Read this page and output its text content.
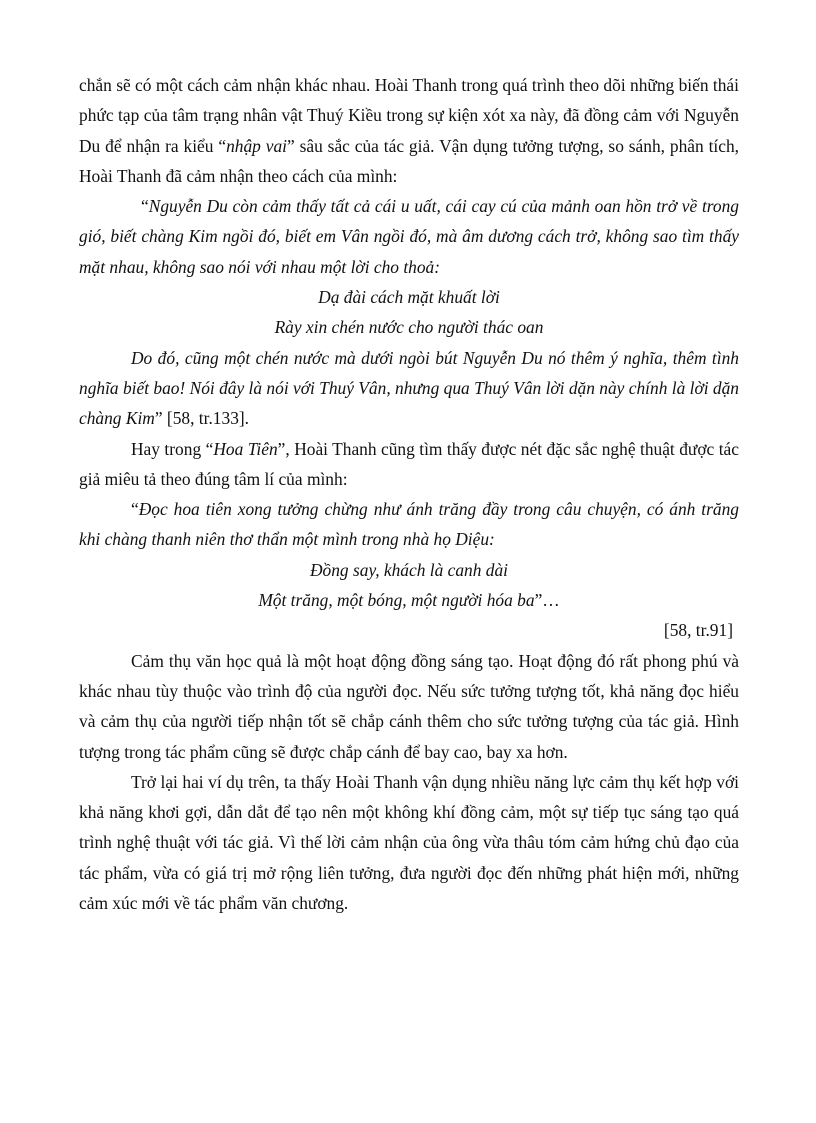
chắn sẽ có một cách cảm nhận khác nhau. Hoài Thanh trong quá trình theo dõi những biến thái phức tạp của tâm trạng nhân vật Thuý Kiều trong sự kiện xót xa này, đã đồng cảm với Nguyễn Du để nhận ra kiểu “nhập vai” sâu sắc của tác giả. Vận dụng tưởng tượng, so sánh, phân tích, Hoài Thanh đã cảm nhận theo cách của mình:

“Nguyễn Du còn cảm thấy tất cả cái u uất, cái cay cú của mảnh oan hồn trở về trong gió, biết chàng Kim ngồi đó, biết em Vân ngồi đó, mà âm dương cách trở, không sao tìm thấy mặt nhau, không sao nói với nhau một lời cho thoả:

Dạ đài cách mặt khuất lời

Rày xin chén nước cho người thác oan

Do đó, cũng một chén nước mà dưới ngòi bút Nguyễn Du nó thêm ý nghĩa, thêm tình nghĩa biết bao! Nói đây là nói với Thuý Vân, nhưng qua Thuý Vân lời dặn này chính là lời dặn chàng Kim” [58, tr.133].

Hay trong “Hoa Tiên”, Hoài Thanh cũng tìm thấy được nét đặc sắc nghệ thuật được tác giả miêu tả theo đúng tâm lí của mình:

“Đọc hoa tiên xong tưởng chừng như ánh trăng đầy trong câu chuyện, có ánh trăng khi chàng thanh niên thơ thẩn một mình trong nhà họ Diệu:

Đồng say, khách là canh dài

Một trăng, một bóng, một người hóa ba”…

[58, tr.91]

Cảm thụ văn học quả là một hoạt động đồng sáng tạo. Hoạt động đó rất phong phú và khác nhau tùy thuộc vào trình độ của người đọc. Nếu sức tưởng tượng tốt, khả năng đọc hiểu và cảm thụ của người tiếp nhận tốt sẽ chắp cánh thêm cho sức tưởng tượng của tác giả. Hình tượng trong tác phẩm cũng sẽ được chắp cánh để bay cao, bay xa hơn.

Trở lại hai ví dụ trên, ta thấy Hoài Thanh vận dụng nhiều năng lực cảm thụ kết hợp với khả năng khơi gợi, dẫn dắt để tạo nên một không khí đồng cảm, một sự tiếp tục sáng tạo quá trình nghệ thuật với tác giả. Vì thế lời cảm nhận của ông vừa thâu tóm cảm hứng chủ đạo của tác phẩm, vừa có giá trị mở rộng liên tưởng, đưa người đọc đến những phát hiện mới, những cảm xúc mới về tác phẩm văn chương.
